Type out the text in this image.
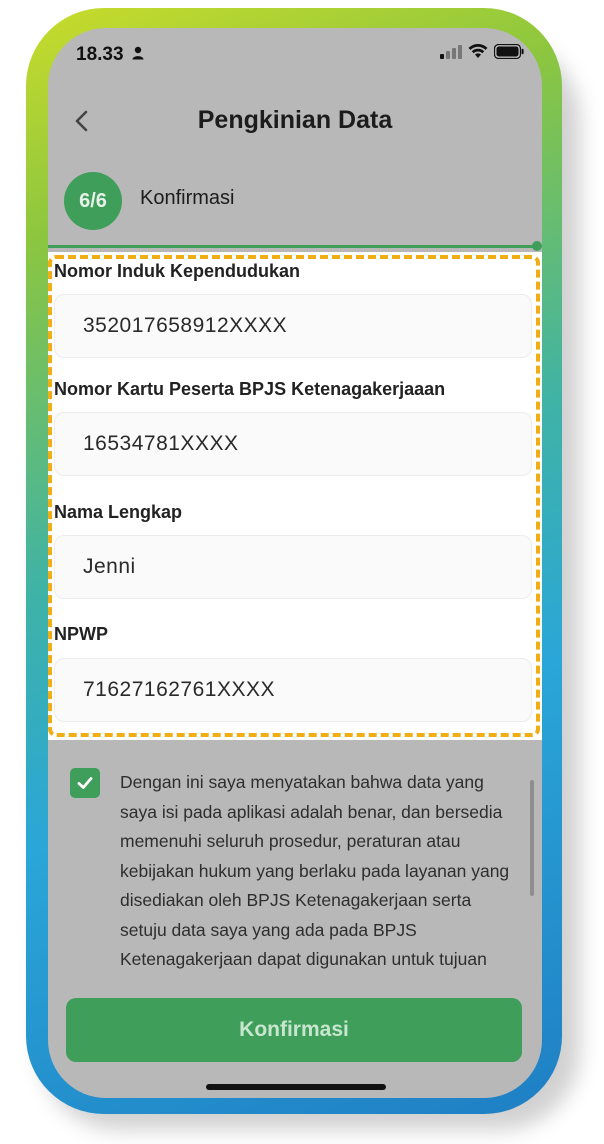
18.33
Pengkinian Data
6/6	Konfirmasi
Nomor Induk Kependudukan
352017658912XXXX
Nomor Kartu Peserta BPJS Ketenagakerjaaan
16534781XXXX
Nama Lengkap
Jenni
NPWP
71627162761XXXX
Dengan ini saya menyatakan bahwa data yang saya isi pada aplikasi adalah benar, dan bersedia memenuhi seluruh prosedur, peraturan atau kebijakan hukum yang berlaku pada layanan yang disediakan oleh BPJS Ketenagakerjaan serta setuju data saya yang ada pada BPJS Ketenagakerjaan dapat digunakan untuk tujuan
Konfirmasi
